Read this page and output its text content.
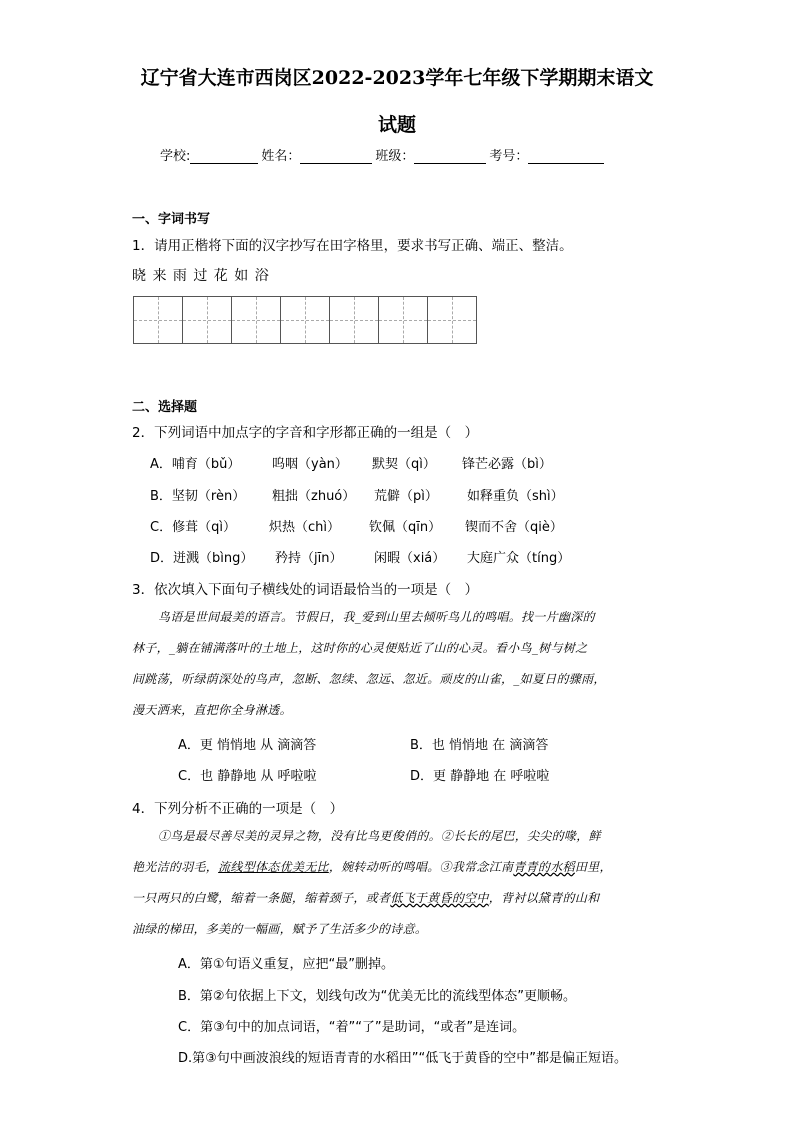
辽宁省大连市西岗区2022-2023学年七年级下学期期末语文
试题
学校:	姓名：	班级：	考号：
一、字词书写
1．请用正楷将下面的汉字抄写在田字格里，要求书写正确、端正、整洁。
晓 来 雨 过 花 如 浴
二、选择题
2．下列词语中加点字的字音和字形都正确的一组是（　）
A．哺育（bǔ） 呜咽（yàn） 默契（qì） 锋芒必露（bì）
B．坚韧（rèn） 粗拙（zhuó） 荒僻（pì） 如释重负（shì）
C．修葺（qì）	炽热（chì） 钦佩（qīn） 锲而不舍（qiè）
D．迸溅（bìng） 矜持（jīn） 闲暇（xiá） 大庭广众（tíng）
3．依次填入下面句子横线处的词语最恰当的一项是（　）
鸟语是世间最美的语言。节假日，我_爱到山里去倾听鸟儿的鸣唱。找一片幽深的
林子，_躺在铺满落叶的土地上，这时你的心灵便贴近了山的心灵。看小鸟_树与树之
间跳荡，听绿荫深处的鸟声，忽断、忽续、忽远、忽近。顽皮的山雀，_如夏日的骤雨，
漫天洒来，直把你全身淋透。
A．更 悄悄地 从 滴滴答	B．也 悄悄地 在 滴滴答
C．也 静静地 从 呼啦啦	D．更 静静地 在 呼啦啦
4．下列分析不正确的一项是（　）
①鸟是最尽善尽美的灵异之物，没有比鸟更俊俏的。②长长的尾巴，尖尖的喙，鲜
艳光洁的羽毛，流线型体态优美无比，婉转动听的鸣唱。③我常念江南青青的水稻田里，
一只两只的白鹭，缩着一条腿，缩着颈子，或者低飞于黄昏的空中，背衬以黛青的山和
油绿的梯田，多美的一幅画，赋予了生活多少的诗意。
A．第①句语义重复，应把“最”删掉。
B．第②句依据上下文，划线句改为“优美无比的流线型体态”更顺畅。
C．第③句中的加点词语，“着”“了”是助词，“或者”是连词。
D.第③句中画波浪线的短语青青的水稻田”“低飞于黄昏的空中”都是偏正短语。
